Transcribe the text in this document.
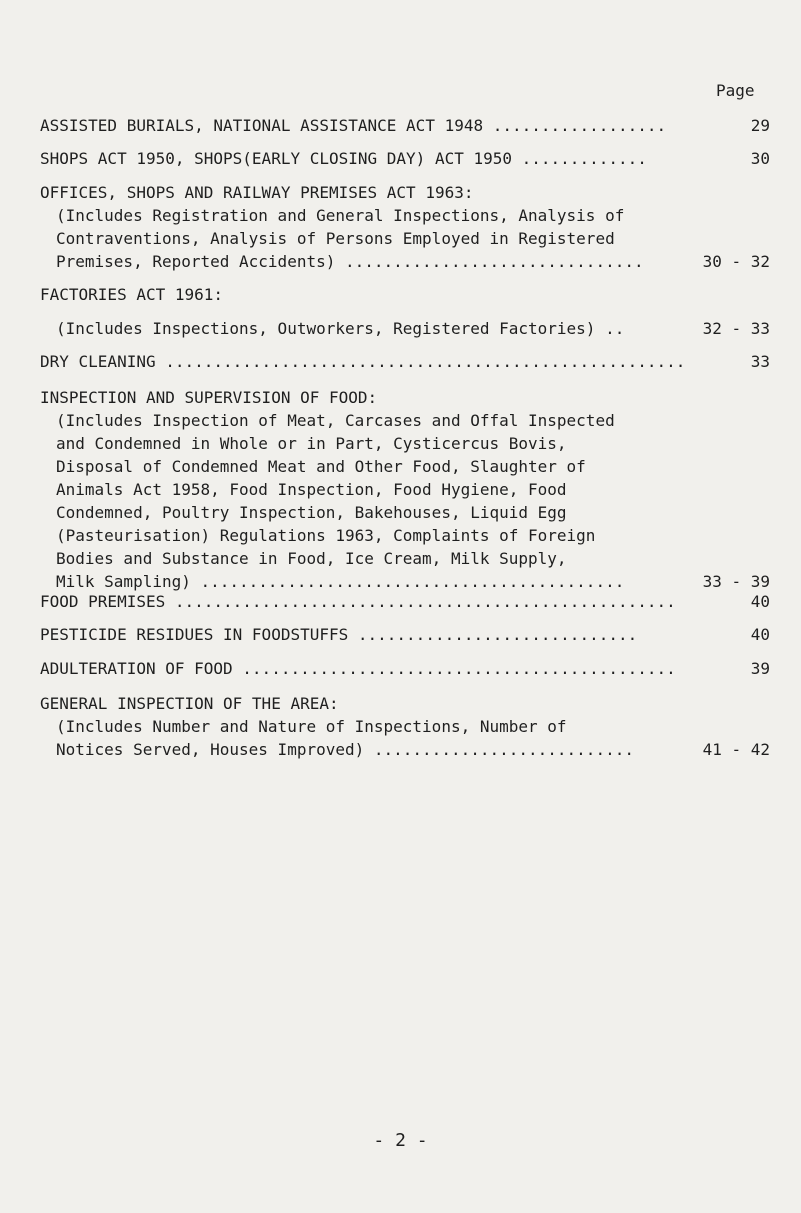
Page
ASSISTED BURIALS, NATIONAL ASSISTANCE ACT 1948 ..................	29
SHOPS ACT 1950, SHOPS(EARLY CLOSING DAY) ACT 1950 .............	30
OFFICES, SHOPS AND RAILWAY PREMISES ACT 1963:
(Includes Registration and General Inspections, Analysis of
Contraventions, Analysis of Persons Employed in Registered
Premises, Reported Accidents) ...............................	30 - 32
FACTORIES ACT 1961:
(Includes Inspections, Outworkers, Registered Factories) ..	32 - 33
DRY CLEANING ......................................................	33
INSPECTION AND SUPERVISION OF FOOD:
(Includes Inspection of Meat, Carcases and Offal Inspected
and Condemned in Whole or in Part, Cysticercus Bovis,
Disposal of Condemned Meat and Other Food, Slaughter of
Animals Act 1958, Food Inspection, Food Hygiene, Food
Condemned, Poultry Inspection, Bakehouses, Liquid Egg
(Pasteurisation) Regulations 1963, Complaints of Foreign
Bodies and Substance in Food, Ice Cream, Milk Supply,
Milk Sampling) ............................................	33 - 39
FOOD PREMISES ....................................................	40
PESTICIDE RESIDUES IN FOODSTUFFS .............................	40
ADULTERATION OF FOOD .............................................	39
GENERAL INSPECTION OF THE AREA:
(Includes Number and Nature of Inspections, Number of
Notices Served, Houses Improved) ...........................	41 - 42
- 2 -
